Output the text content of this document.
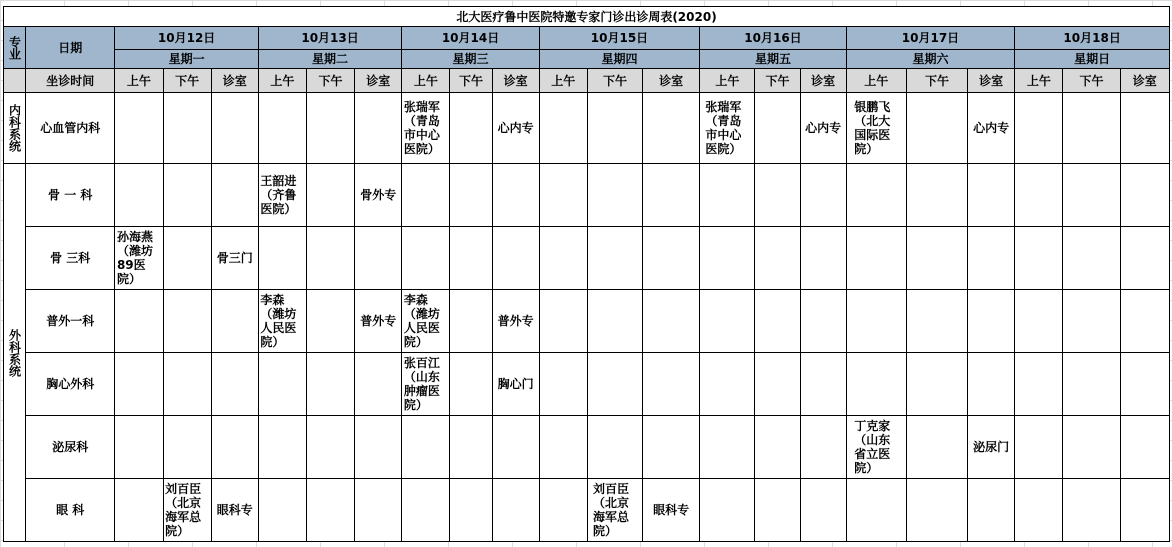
北大医疗鲁中医院特邀专家门诊出诊周表(2020)																						
专业	日期	10月12日			10月13日			10月14日			10月15日			10月16日			10月17日			10月18日		
		星期一			星期二			星期三			星期四			星期五			星期六			星期日		
	坐诊时间	上午	下午	诊室	上午	下午	诊室	上午	下午	诊室	上午	下午	诊室	上午	下午	诊室	上午	下午	诊室	上午	下午	诊室
内科系统	心血管内科							张瑞军（青岛市中心医院）		心内专				张瑞军（青岛市中心医院）		心内专	银鹏飞（北大国际医院）		心内专			
外科系统	骨 一 科				王韶进（齐鲁医院）		骨外专															
	骨 三科	孙海燕（潍坊89医院）		骨三门																		
	普外一科				李森（潍坊人民医院）		普外专	李森（潍坊人民医院）		普外专												
	胸心外科							张百江（山东肿瘤医院）		胸心门												
	泌尿科																丁克家（山东省立医院）		泌尿门			
	眼 科		刘百臣（北京海军总院）	眼科专								刘百臣（北京海军总院）	眼科专									
